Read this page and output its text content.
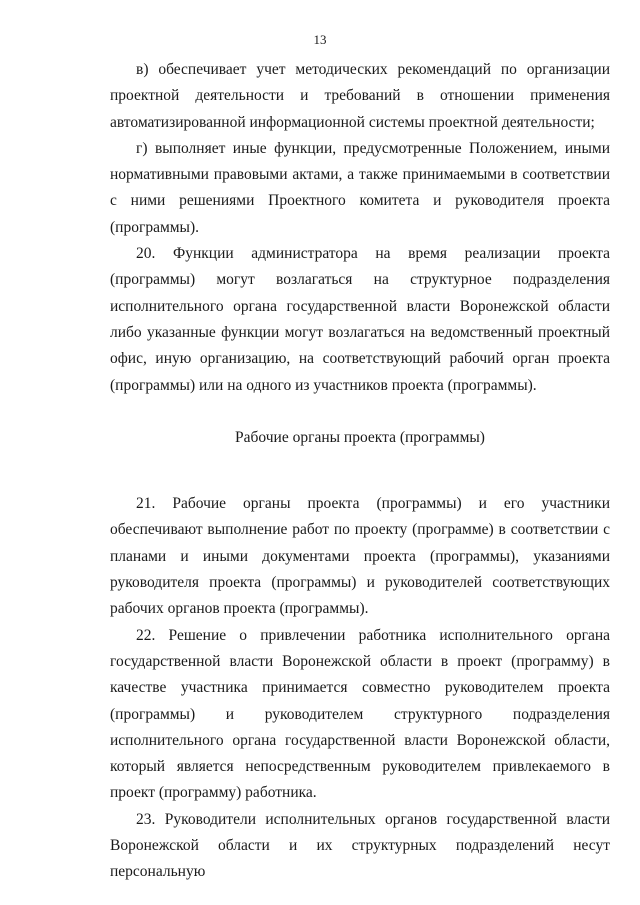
13

в) обеспечивает учет методических рекомендаций по организации проектной деятельности и требований в отношении применения автоматизированной информационной системы проектной деятельности;

г) выполняет иные функции, предусмотренные Положением, иными нормативными правовыми актами, а также принимаемыми в соответствии с ними решениями Проектного комитета и руководителя проекта (программы).

20. Функции администратора на время реализации проекта (программы) могут возлагаться на структурное подразделения исполнительного органа государственной власти Воронежской области либо указанные функции могут возлагаться на ведомственный проектный офис, иную организацию, на соответствующий рабочий орган проекта (программы) или на одного из участников проекта (программы).

Рабочие органы проекта (программы)

21. Рабочие органы проекта (программы) и его участники обеспечивают выполнение работ по проекту (программе) в соответствии с планами и иными документами проекта (программы), указаниями руководителя проекта (программы) и руководителей соответствующих рабочих органов проекта (программы).

22. Решение о привлечении работника исполнительного органа государственной власти Воронежской области в проект (программу) в качестве участника принимается совместно руководителем проекта (программы) и руководителем структурного подразделения исполнительного органа государственной власти Воронежской области, который является непосредственным руководителем привлекаемого в проект (программу) работника.

23. Руководители исполнительных органов государственной власти Воронежской области и их структурных подразделений несут персональную
